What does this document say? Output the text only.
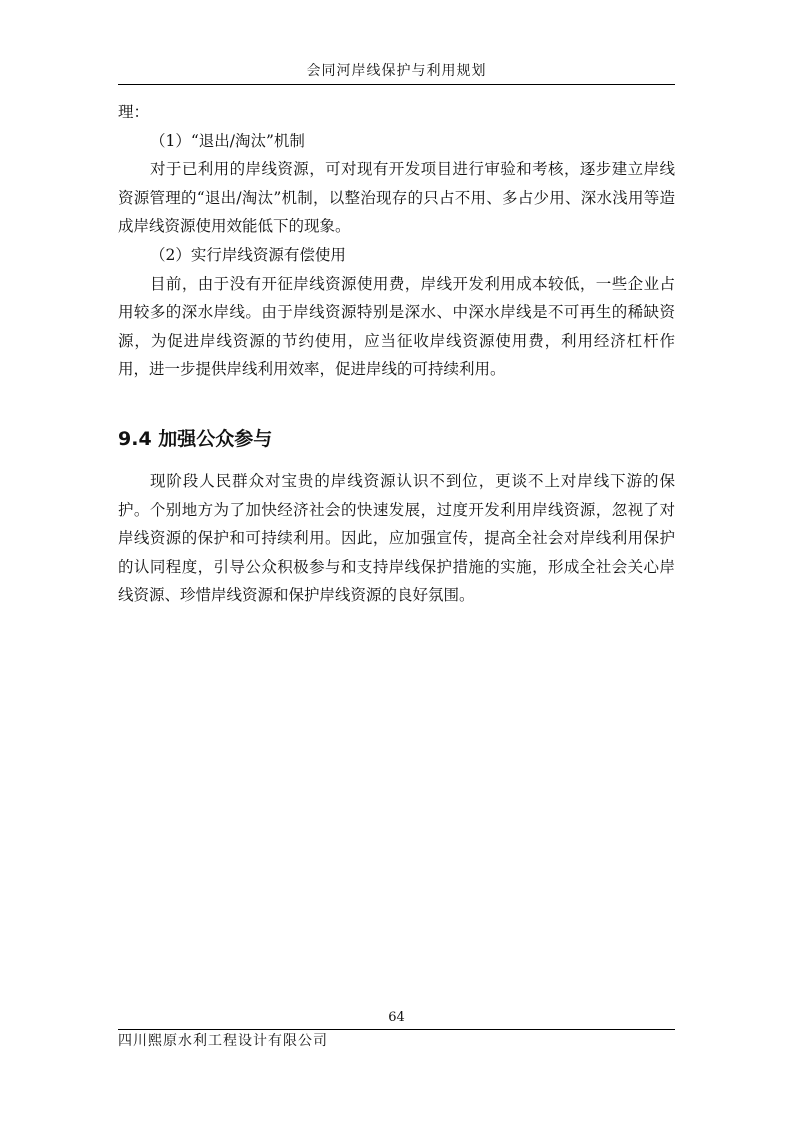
会同河岸线保护与利用规划

理：

（1）“退出/淘汰”机制

对于已利用的岸线资源，可对现有开发项目进行审验和考核，逐步建立岸线资源管理的“退出/淘汰”机制，以整治现存的只占不用、多占少用、深水浅用等造成岸线资源使用效能低下的现象。

（2）实行岸线资源有偿使用

目前，由于没有开征岸线资源使用费，岸线开发利用成本较低，一些企业占用较多的深水岸线。由于岸线资源特别是深水、中深水岸线是不可再生的稀缺资源，为促进岸线资源的节约使用，应当征收岸线资源使用费，利用经济杠杆作用，进一步提供岸线利用效率，促进岸线的可持续利用。

9.4 加强公众参与

现阶段人民群众对宝贵的岸线资源认识不到位，更谈不上对岸线下游的保护。个别地方为了加快经济社会的快速发展，过度开发利用岸线资源，忽视了对岸线资源的保护和可持续利用。因此，应加强宣传，提高全社会对岸线利用保护的认同程度，引导公众积极参与和支持岸线保护措施的实施，形成全社会关心岸线资源、珍惜岸线资源和保护岸线资源的良好氛围。

64
四川熙原水利工程设计有限公司
